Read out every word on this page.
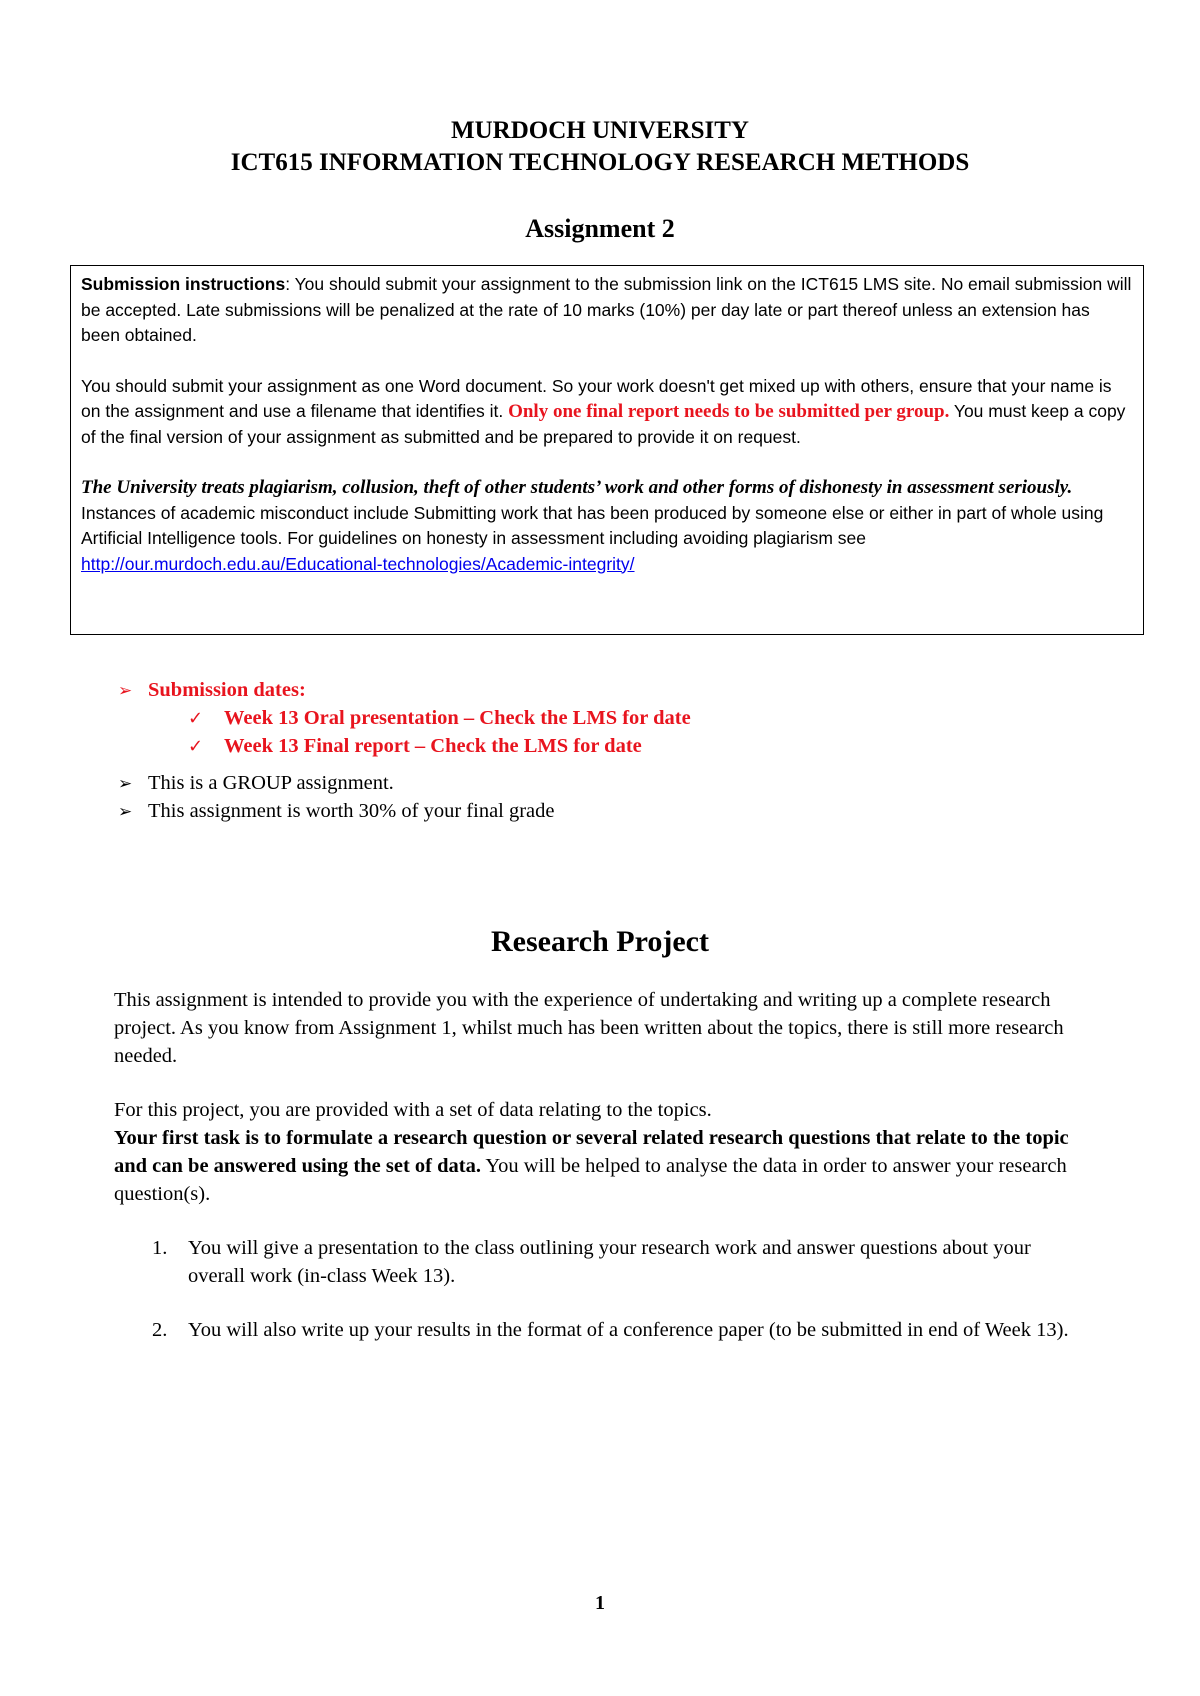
MURDOCH UNIVERSITY
ICT615 INFORMATION TECHNOLOGY RESEARCH METHODS
Assignment 2

Submission instructions: You should submit your assignment to the submission link on the ICT615 LMS site. No email submission will be accepted. Late submissions will be penalized at the rate of 10 marks (10%) per day late or part thereof unless an extension has been obtained.

You should submit your assignment as one Word document. So your work doesn't get mixed up with others, ensure that your name is on the assignment and use a filename that identifies it. Only one final report needs to be submitted per group. You must keep a copy of the final version of your assignment as submitted and be prepared to provide it on request.

The University treats plagiarism, collusion, theft of other students’ work and other forms of dishonesty in assessment seriously. Instances of academic misconduct include Submitting work that has been produced by someone else or either in part of whole using Artificial Intelligence tools. For guidelines on honesty in assessment including avoiding plagiarism see http://our.murdoch.edu.au/Educational-technologies/Academic-integrity/

➢ Submission dates:
✓ Week 13 Oral presentation – Check the LMS for date
✓ Week 13 Final report – Check the LMS for date
➢ This is a GROUP assignment.
➢ This assignment is worth 30% of your final grade
Research Project

This assignment is intended to provide you with the experience of undertaking and writing up a complete research project. As you know from Assignment 1, whilst much has been written about the topics, there is still more research needed.

For this project, you are provided with a set of data relating to the topics.

Your first task is to formulate a research question or several related research questions that relate to the topic and can be answered using the set of data. You will be helped to analyse the data in order to answer your research question(s).

1. You will give a presentation to the class outlining your research work and answer questions about your overall work (in-class Week 13).
2. You will also write up your results in the format of a conference paper (to be submitted in end of Week 13).
1
